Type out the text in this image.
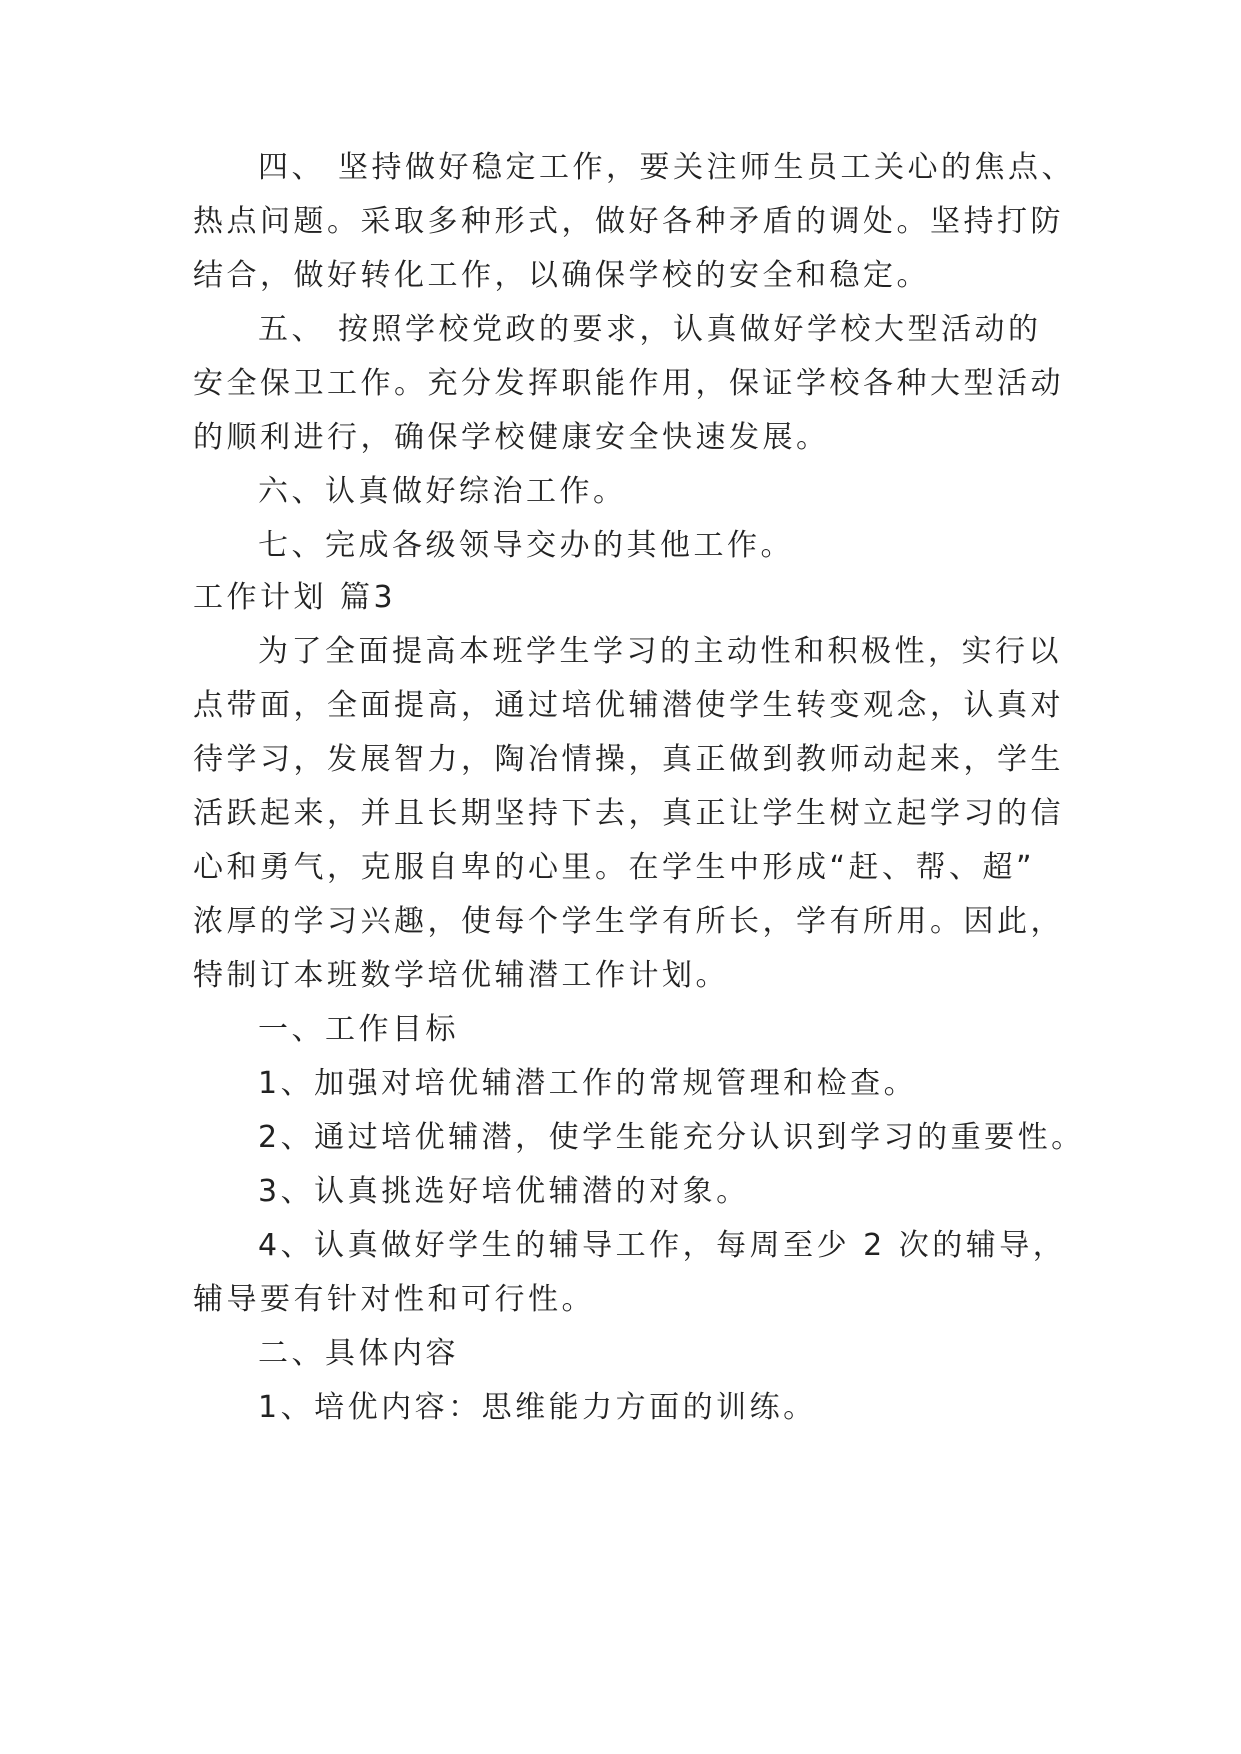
四、 坚持做好稳定工作，要关注师生员工关心的焦点、
热点问题。采取多种形式，做好各种矛盾的调处。坚持打防
结合，做好转化工作，以确保学校的安全和稳定。
五、 按照学校党政的要求，认真做好学校大型活动的
安全保卫工作。充分发挥职能作用，保证学校各种大型活动
的顺利进行，确保学校健康安全快速发展。
六、认真做好综治工作。
七、完成各级领导交办的其他工作。
工作计划 篇3
为了全面提高本班学生学习的主动性和积极性，实行以
点带面，全面提高，通过培优辅潜使学生转变观念，认真对
待学习，发展智力，陶冶情操，真正做到教师动起来，学生
活跃起来，并且长期坚持下去，真正让学生树立起学习的信
心和勇气，克服自卑的心里。在学生中形成“赶、帮、超”
浓厚的学习兴趣，使每个学生学有所长，学有所用。因此，
特制订本班数学培优辅潜工作计划。
一、工作目标
1、加强对培优辅潜工作的常规管理和检查。
2、通过培优辅潜，使学生能充分认识到学习的重要性。
3、认真挑选好培优辅潜的对象。
4、认真做好学生的辅导工作，每周至少 2 次的辅导，
辅导要有针对性和可行性。
二、具体内容
1、培优内容：思维能力方面的训练。
